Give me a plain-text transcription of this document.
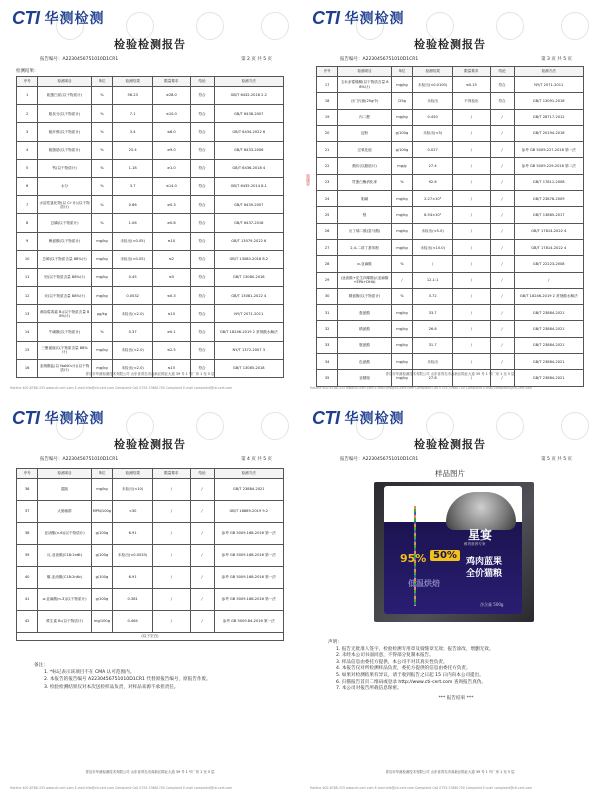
CTI 华测检测
检验检测报告
报告编号：A2230456751010D1CR1	第 2 页 共 5 页
检测结果：
序号	检测项目	单位	检测结果	限量要求	结论	检测方法
1	粗蛋白质(以干物质计)	%	56.23	≥28.0	符合	GB/T 6432-2018 2.2
2	粗灰分(以干物质计)	%	7.1	≤10.0	符合	GB/T 6438-2007
3	粗纤维(以干物质计)	%	3.4	≤8.0	符合	GB/T 6434-2022 6
4	粗脂肪(以干物质计)	%	25.4	≥9.0	符合	GB/T 6433-2006
5	钙(以干物质计)	%	1.18	≥1.0	符合	GB/T 6436-2018 4
6	水分	%	3.7	≤14.0	符合	GB/T 6435-2014 8.1
7	水溶性氯化物(以 Cl⁻计)(以干物质计)	%	0.66	≥0.3	符合	GB/T 6439-2007
8	总磷(以干物质计)	%	1.06	≥0.8	符合	GB/T 6437-2018
9	赖氨酸(以干物质计)	mg/kg	未检出(<0.05)	≤10	符合	GB/T 13079-2022 6
10	总砷(以干物质含量 88%计)	mg/kg	未检出(<0.05)	≤2	符合	GB/T 13080-2018 8.2
11	铅(以干物质含量 88%计)	mg/kg	0.45	≤5	符合	GB/T 13080-2018
12	汞(以干物质含量 88%计)	mg/kg	0.0032	≤0.3	符合	GB/T 13081-2022 4
13	黄曲霉毒素 B₁(以干物质含量 88%计)	μg/kg	未检出(<2.0)	≤10	符合	NY/T 2071-2011
14	牛磺酸(以干物质计)	%	0.37	≥0.1	符合	GB/T 18246-2019 2 常规酸水解法
15	三聚氰胺(以干物质含量 88%计)	mg/kg	未检出(<2.0)	≤2.5	符合	NY/T 1372-2007 3
16	亚硝酸盐(以 NaNO₂计)(以干物质计)	mg/kg	未检出(<2.0)	≤15	符合	GB/T 13085-2018
青岛市华测检测技术有限公司 山东省青岛市高新区锦业大道 39 号 1 号厂房 1 至 5 层
Hotline 400-6788-333 www.cti-cert.com E-mail:info@cti-cert.com Complaint Call 0755-33681700 Complaint E-mail complaint@cti-cert.com
CTI 华测检测
检验检测报告
报告编号：A2230456751010D1CR1	第 3 页 共 5 页
骑缝章
序号	检测项目	单位	检测结果	限量要求	结论	检测方法
17	玉米赤霉烯酮(以干物质含量 88%计)	mg/kg	未检出(<0.0100)	≤0.15	符合	NY/T 2071-2011
18	沙门氏菌(25g中)	/25g	未检出	不得检出	符合	GB/T 13091-2018
19	丙二醛	mg/kg	0.450	/	/	GB/T 28717-2012
20	淀粉	g/100g	未检出(<3)	/	/	GB/T 20194-2018
21	过氧化值	g/100g	0.027	/	/	参考 GB 5009.227-2016 第一法
22	酸价(以脂肪计)	mg/g	27.4	/	/	参考 GB 5009.229-2016 第二法
23	胃蛋白酶消化率	%	92.6	/	/	GB/T 17811-2008
24	胆碱	mg/kg	2.27×10³	/	/	GB/T 23878-2009
25	镁	mg/kg	8.54×10²	/	/	GB/T 13885-2017
26	反丁烯二酸(富马酸)	mg/kg	未检出(<5.0)	/	/	GB/T 17814-2022 4
27	2,4-二叔丁基苯酚	mg/kg	未检出(<10.0)	/	/	GB/T 17814-2022 4
28	α-亚麻酸	%	/	/	/	GB/T 22223-2008
29	(亚油酸+花生四烯酸)/(亚麻酸+EPA+DHA)	/	12.1:1	/	/	/
30	精氨酸(以干物质计)	%	3.72	/	/	GB/T 18246-2019 2 常规酸水解法
31	蛋氨酸	mg/kg	33.7	/	/	GB/T 23884-2021
32	精氨酸	mg/kg	26.6	/	/	GB/T 23884-2021
33	胱氨酸	mg/kg	31.7	/	/	GB/T 23884-2021
34	色氨酸	mg/kg	未检出	/	/	GB/T 23884-2021
35	亚精胺	mg/kg	27.8	/	/	GB/T 23884-2021
青岛市华测检测技术有限公司 山东省青岛市高新区锦业大道 39 号 1 号厂房 1 至 5 层
Hotline 400-6788-333 www.cti-cert.com E-mail:info@cti-cert.com Complaint Call 0755-33681700 Complaint E-mail complaint@cti-cert.com
CTI 华测检测
检验检测报告
报告编号：A2230456751010D1CR1	第 4 页 共 5 页
序号	检测项目	单位	检测结果	限量要求	结论	检测方法
36	腐胺	mg/kg	未检出(<10)	/	/	GB/T 23884-2021
37	大肠菌群	MPN/100g	<30	/	/	GB/T 18869-2019 9.2
38	亚油酸(n-6)(以干物质计)	g/100g	6.91	/	/	参考 GB 5009.168-2016 第一法
39	反-亚油酸(C18:2n6t)	g/100g	未检出(<0.0033)	/	/	参考 GB 5009.168-2016 第一法
40	顺-亚油酸(C18:2n6c)	g/100g	6.91	/	/	参考 GB 5009.168-2016 第一法
41	α-亚麻酸(n-3)(以干物质计)	g/100g	0.381	/	/	参考 GB 5009.168-2016 第一法
42	维生素 B₁(以干物质计)	mg/100g	0.464	/	/	参考 GB 5009.84-2016 第一法
(以下空白)						
备注：
1. *标记表示该项目不在 CMA 认可范围内。
2. 本报告的报告编号 A2230456751010D1CR1 代替原报告编号，原报告作废。
3. 检验检测结果仅对本次送检样品负责，对样品来源不承担责任。
青岛市华测检测技术有限公司 山东省青岛市高新区锦业大道 39 号 1 号厂房 1 至 5 层
Hotline 400-6788-333 www.cti-cert.com E-mail:info@cti-cert.com Complaint Call 0755-33681700 Complaint E-mail complaint@cti-cert.com
CTI 华测检测
检验检测报告
报告编号：A2230456751010D1CR1	第 5 页 共 5 页
样品图片
星宴
鲜肉营养专家
95% 50%
鸡肉蓝果
全价猫粮
低温烘焙
净含量 500g
声明：
1. 报告无批准人签字、检验检测专用章及骑缝章无效；报告涂改、增删无效。
2. 未经本公司书面同意，不得部分复制本报告。
3. 样品信息由委托方提供，本公司不对其真实性负责。
4. 本报告仅对所检测样品负责，委托方提供的信息由委托方负责。
5. 如果对检测结果有异议，请于收到报告之日起 15 日内向本公司提出。
6. 扫描报告首页二维码或登录 http://www.cti-cert.com 查询报告真伪。
7. 本公司对报告所载信息保密。
*** 报告结束 ***
青岛市华测检测技术有限公司 山东省青岛市高新区锦业大道 39 号 1 号厂房 1 至 5 层
Hotline 400-6788-333 www.cti-cert.com E-mail:info@cti-cert.com Complaint Call 0755-33681700 Complaint E-mail complaint@cti-cert.com
